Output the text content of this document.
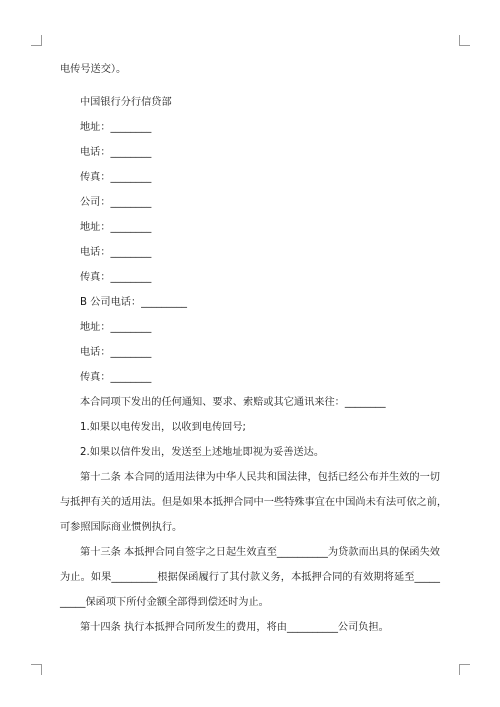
电传号送交）。
中国银行分行信贷部
地址：________
电话：________
传真：________
公司：________
地址：________
电话：________
传真：________
B 公司电话：_________
地址：________
电话：________
传真：________
本合同项下发出的任何通知、要求、索赔或其它通讯来往：________
1.如果以电传发出，以收到电传回号;
2.如果以信件发出，发送至上述地址即视为妥善送达。
第十二条 本合同的适用法律为中华人民共和国法律，包括已经公布并生效的一切
与抵押有关的适用法。但是如果本抵押合同中一些特殊事宜在中国尚未有法可依之前，
可参照国际商业惯例执行。
第十三条 本抵押合同自签字之日起生效直至__________为贷款而出具的保函失效
为止。如果_________根据保函履行了其付款义务，本抵押合同的有效期将延至_____
_____保函项下所付金额全部得到偿还时为止。
第十四条 执行本抵押合同所发生的费用，将由__________公司负担。
